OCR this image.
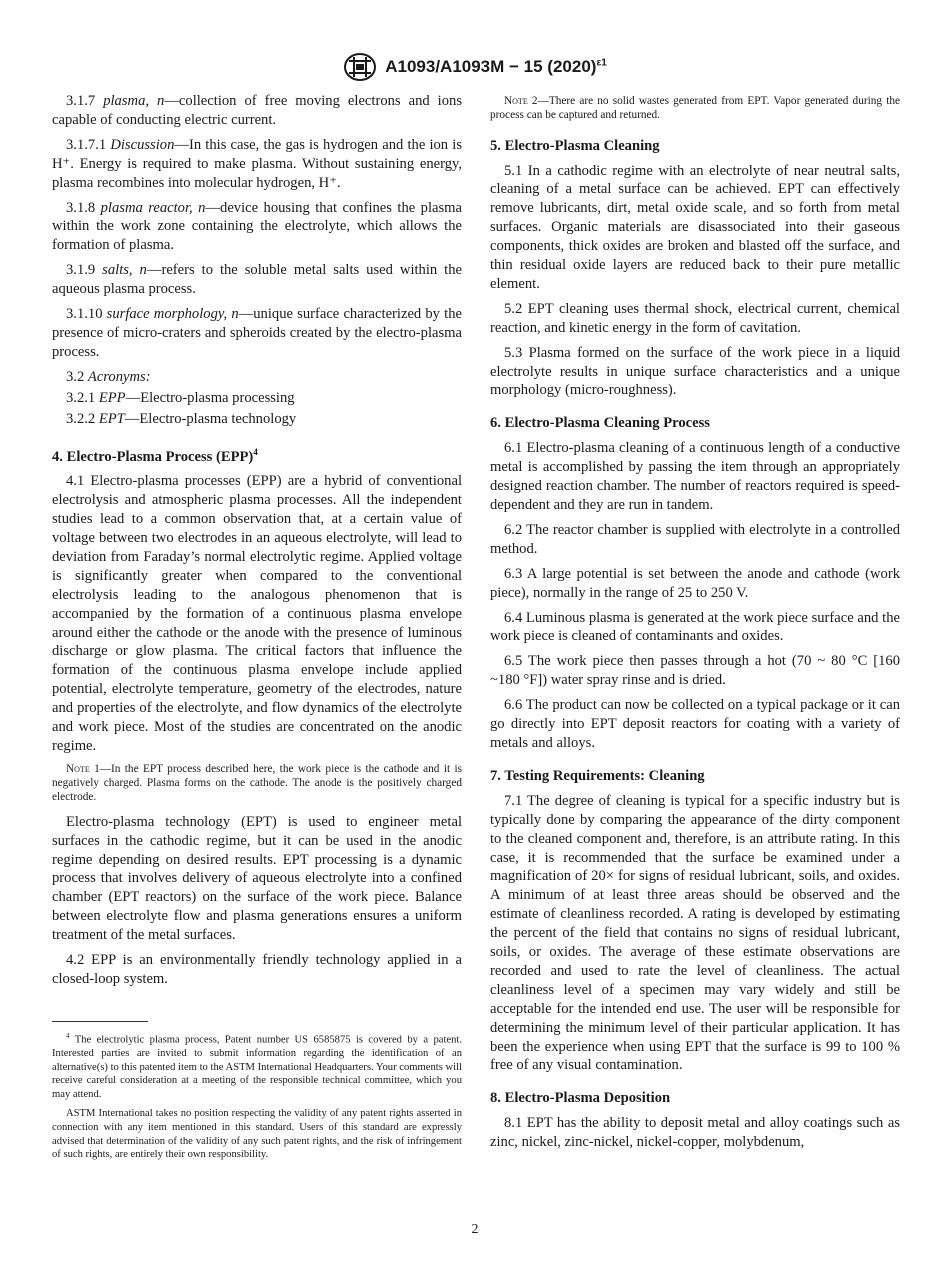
A1093/A1093M − 15 $(2020)^{\varepsilon 1}$

3.1.7 plasma, n—collection of free moving electrons and ions capable of conducting electric current.

3.1.7.1 Discussion—In this case, the gas is hydrogen and the ion is H⁺. Energy is required to make plasma. Without sustaining energy, plasma recombines into molecular hydrogen, H⁺.

3.1.8 plasma reactor, n—device housing that confines the plasma within the work zone containing the electrolyte, which allows the formation of plasma.

3.1.9 salts, n—refers to the soluble metal salts used within the aqueous plasma process.

3.1.10 surface morphology, n—unique surface characterized by the presence of micro-craters and spheroids created by the electro-plasma process.

3.2 Acronyms:

3.2.1 EPP—Electro-plasma processing

3.2.2 EPT—Electro-plasma technology

4. Electro-Plasma Process (EPP)$^4$

4.1 Electro-plasma processes (EPP) are a hybrid of conventional electrolysis and atmospheric plasma processes. All the independent studies lead to a common observation that, at a certain value of voltage between two electrodes in an aqueous electrolyte, will lead to deviation from Faraday’s normal electrolytic regime. Applied voltage is significantly greater when compared to the conventional electrolysis leading to the analogous phenomenon that is accompanied by the formation of a continuous plasma envelope around either the cathode or the anode with the presence of luminous discharge or glow plasma. The critical factors that influence the formation of the continuous plasma envelope include applied potential, electrolyte temperature, geometry of the electrodes, nature and properties of the electrolyte, and flow dynamics of the electrolyte and work piece. Most of the studies are concentrated on the anodic regime.

Note 1—In the EPT process described here, the work piece is the cathode and it is negatively charged. Plasma forms on the cathode. The anode is the positively charged electrode.

Electro-plasma technology (EPT) is used to engineer metal surfaces in the cathodic regime, but it can be used in the anodic regime depending on desired results. EPT processing is a dynamic process that involves delivery of aqueous electrolyte into a confined chamber (EPT reactors) on the surface of the work piece. Balance between electrolyte flow and plasma generations ensures a uniform treatment of the metal surfaces.

4.2 EPP is an environmentally friendly technology applied in a closed-loop system.

$^4$ The electrolytic plasma process, Patent number US 6585875 is covered by a patent. Interested parties are invited to submit information regarding the identification of an alternative(s) to this patented item to the ASTM International Headquarters. Your comments will receive careful consideration at a meeting of the responsible technical committee, which you may attend.

ASTM International takes no position respecting the validity of any patent rights asserted in connection with any item mentioned in this standard. Users of this standard are expressly advised that determination of the validity of any such patent rights, and the risk of infringement of such rights, are entirely their own responsibility.

Note 2—There are no solid wastes generated from EPT. Vapor generated during the process can be captured and returned.
5. Electro-Plasma Cleaning

5.1 In a cathodic regime with an electrolyte of near neutral salts, cleaning of a metal surface can be achieved. EPT can effectively remove lubricants, dirt, metal oxide scale, and so forth from metal surfaces. Organic materials are disassociated into their gaseous components, thick oxides are broken and blasted off the surface, and thin residual oxide layers are reduced back to their pure metallic element.

5.2 EPT cleaning uses thermal shock, electrical current, chemical reaction, and kinetic energy in the form of cavitation.

5.3 Plasma formed on the surface of the work piece in a liquid electrolyte results in unique surface characteristics and a unique morphology (micro-roughness).

6. Electro-Plasma Cleaning Process

6.1 Electro-plasma cleaning of a continuous length of a conductive metal is accomplished by passing the item through an appropriately designed reaction chamber. The number of reactors required is speed-dependent and they are run in tandem.

6.2 The reactor chamber is supplied with electrolyte in a controlled method.

6.3 A large potential is set between the anode and cathode (work piece), normally in the range of 25 to 250 V.

6.4 Luminous plasma is generated at the work piece surface and the work piece is cleaned of contaminants and oxides.

6.5 The work piece then passes through a hot (70 ~ 80 °C [160 ~180 °F]) water spray rinse and is dried.

6.6 The product can now be collected on a typical package or it can go directly into EPT deposit reactors for coating with a variety of metals and alloys.

7. Testing Requirements: Cleaning

7.1 The degree of cleaning is typical for a specific industry but is typically done by comparing the appearance of the dirty component to the cleaned component and, therefore, is an attribute rating. In this case, it is recommended that the surface be examined under a magnification of 20× for signs of residual lubricant, soils, and oxides. A minimum of at least three areas should be observed and the estimate of cleanliness recorded. A rating is developed by estimating the percent of the field that contains no signs of residual lubricant, soils, or oxides. The average of these estimate observations are recorded and used to rate the level of cleanliness. The actual cleanliness level of a specimen may vary widely and still be acceptable for the intended end use. The user will be responsible for determining the minimum level of their particular application. It has been the experience when using EPT that the surface is 99 to 100 % free of any visual contamination.

8. Electro-Plasma Deposition

8.1 EPT has the ability to deposit metal and alloy coatings such as zinc, nickel, zinc-nickel, nickel-copper, molybdenum,

2
